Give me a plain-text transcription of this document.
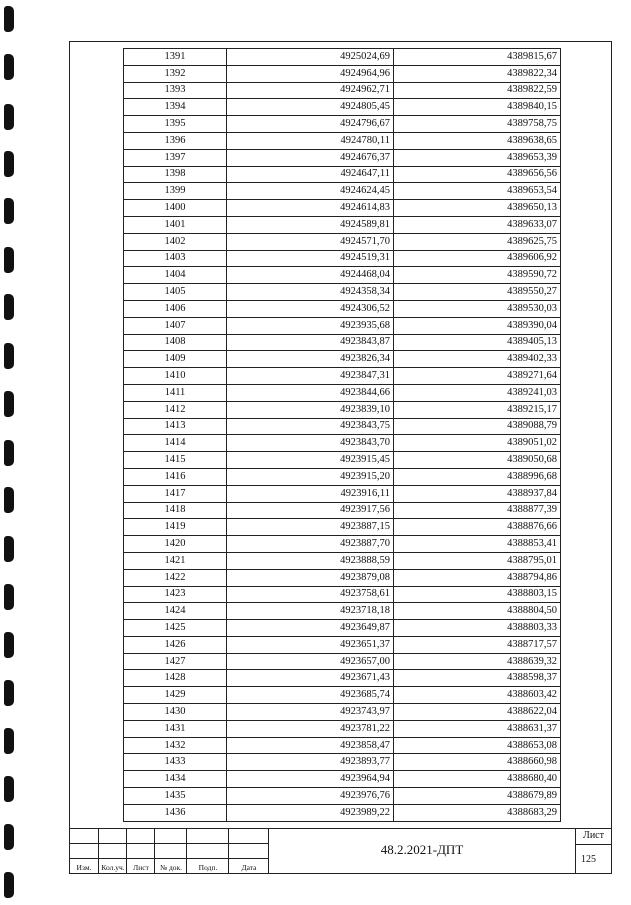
1391	4925024,69	4389815,67
1392	4924964,96	4389822,34
1393	4924962,71	4389822,59
1394	4924805,45	4389840,15
1395	4924796,67	4389758,75
1396	4924780,11	4389638,65
1397	4924676,37	4389653,39
1398	4924647,11	4389656,56
1399	4924624,45	4389653,54
1400	4924614,83	4389650,13
1401	4924589,81	4389633,07
1402	4924571,70	4389625,75
1403	4924519,31	4389606,92
1404	4924468,04	4389590,72
1405	4924358,34	4389550,27
1406	4924306,52	4389530,03
1407	4923935,68	4389390,04
1408	4923843,87	4389405,13
1409	4923826,34	4389402,33
1410	4923847,31	4389271,64
1411	4923844,66	4389241,03
1412	4923839,10	4389215,17
1413	4923843,75	4389088,79
1414	4923843,70	4389051,02
1415	4923915,45	4389050,68
1416	4923915,20	4388996,68
1417	4923916,11	4388937,84
1418	4923917,56	4388877,39
1419	4923887,15	4388876,66
1420	4923887,70	4388853,41
1421	4923888,59	4388795,01
1422	4923879,08	4388794,86
1423	4923758,61	4388803,15
1424	4923718,18	4388804,50
1425	4923649,87	4388803,33
1426	4923651,37	4388717,57
1427	4923657,00	4388639,32
1428	4923671,43	4388598,37
1429	4923685,74	4388603,42
1430	4923743,97	4388622,04
1431	4923781,22	4388631,37
1432	4923858,47	4388653,08
1433	4923893,77	4388660,98
1434	4923964,94	4388680,40
1435	4923976,76	4388679,89
1436	4923989,22	4388683,29
Изм.	Кол.уч.	Лист	№ док.	Подп.	Дата
48.2.2021-ДПТ
Лист
125
